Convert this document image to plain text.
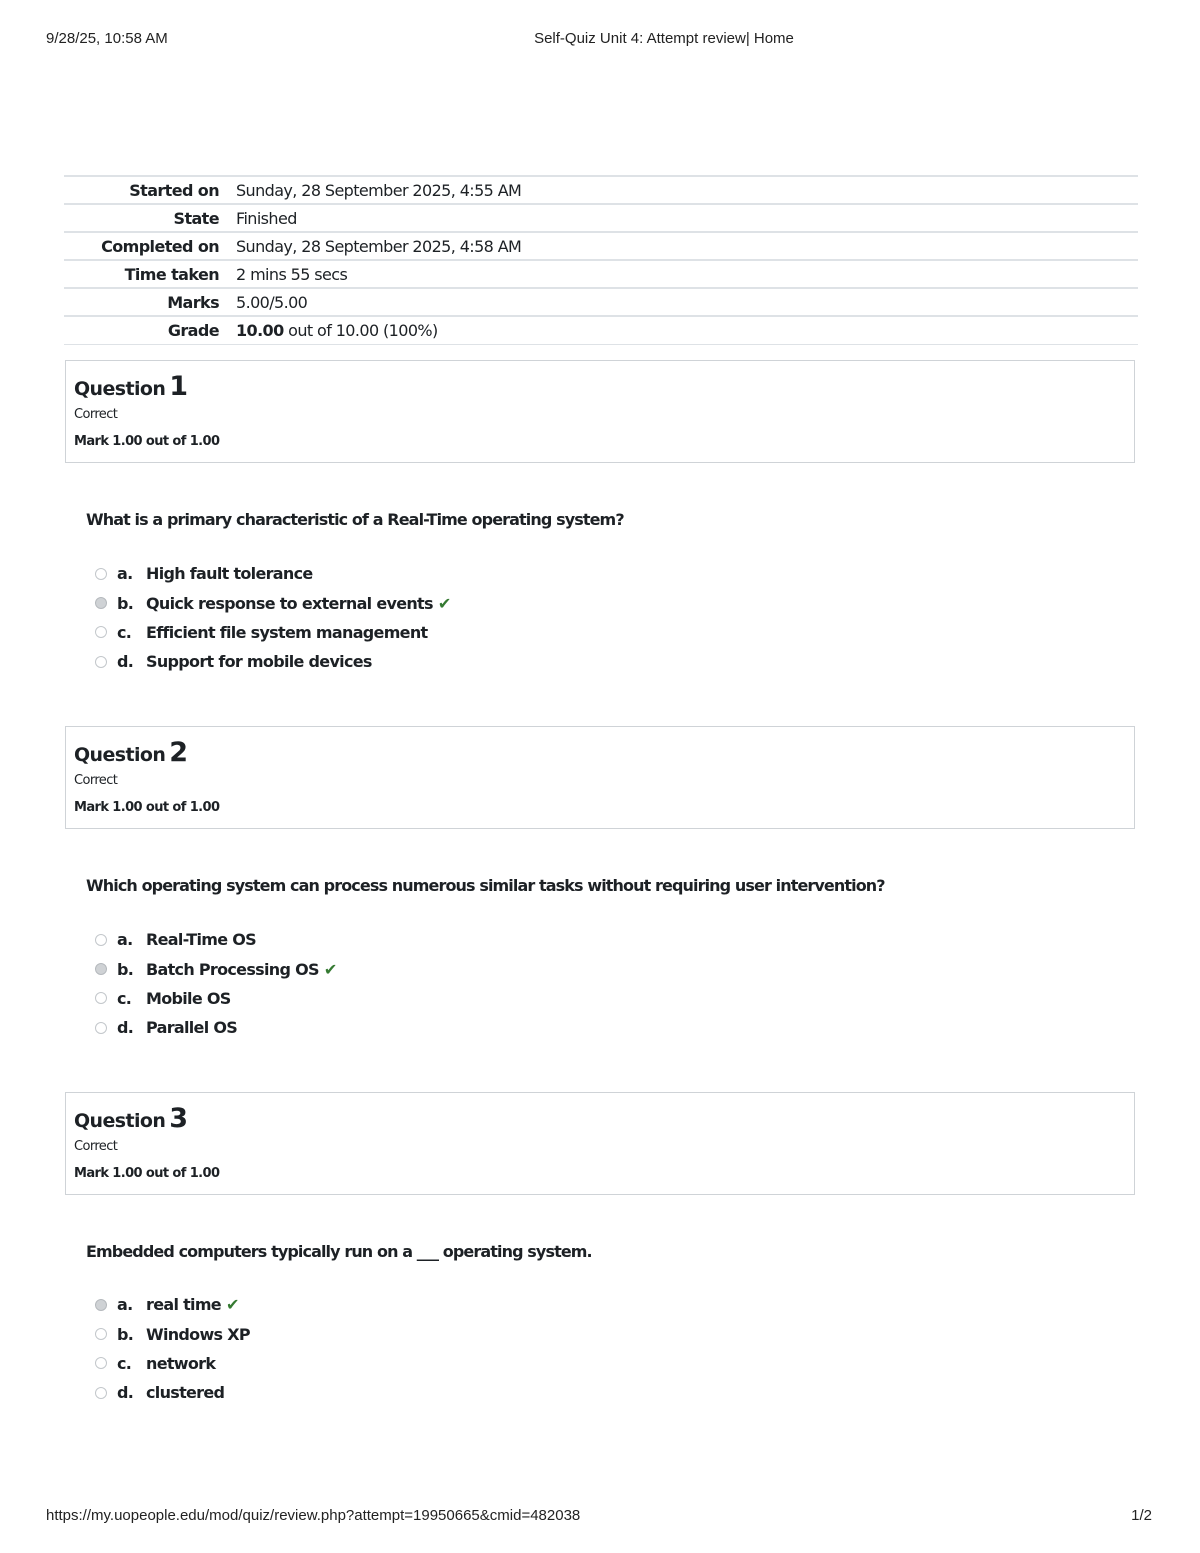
9/28/25, 10:58 AM	Self-Quiz Unit 4: Attempt review| Home
Started on	Sunday, 28 September 2025, 4:55 AM
State	Finished
Completed on	Sunday, 28 September 2025, 4:58 AM
Time taken	2 mins 55 secs
Marks	5.00/5.00
Grade	10.00 out of 10.00 (100%)
Question 1
Correct
Mark 1.00 out of 1.00
What is a primary characteristic of a Real-Time operating system?
a. High fault tolerance
b. Quick response to external events ✔
c. Efficient file system management
d. Support for mobile devices
Question 2
Correct
Mark 1.00 out of 1.00
Which operating system can process numerous similar tasks without requiring user intervention?
a. Real-Time OS
b. Batch Processing OS ✔
c. Mobile OS
d. Parallel OS
Question 3
Correct
Mark 1.00 out of 1.00
Embedded computers typically run on a ___ operating system.
a. real time ✔
b. Windows XP
c. network
d. clustered
https://my.uopeople.edu/mod/quiz/review.php?attempt=19950665&cmid=482038	1/2
